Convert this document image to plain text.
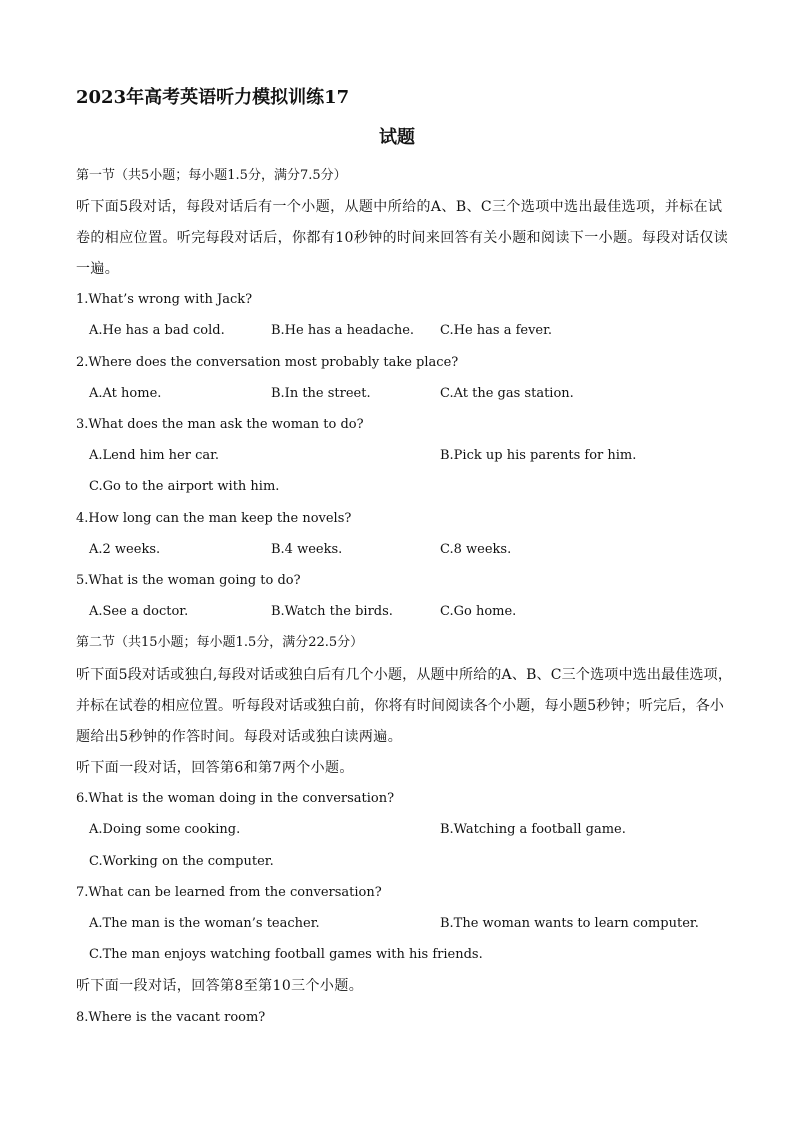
2023年高考英语听力模拟训练17
试题
第一节（共5小题；每小题1.5分，满分7.5分）
听下面5段对话，每段对话后有一个小题，从题中所给的A、B、C三个选项中选出最佳选项，并标在试
卷的相应位置。听完每段对话后，你都有10秒钟的时间来回答有关小题和阅读下一小题。每段对话仅读
一遍。
1.What’s wrong with Jack?
A.He has a bad cold.	B.He has a headache. C.He has a fever.
2.Where does the conversation most probably take place?
A.At home.	B.In the street.	C.At the gas station.
3.What does the man ask the woman to do?
A.Lend him her car.	B.Pick up his parents for him.
C.Go to the airport with him.
4.How long can the man keep the novels?
A.2 weeks.	B.4 weeks.	C.8 weeks.
5.What is the woman going to do?
A.See a doctor.	B.Watch the birds.	C.Go home.
第二节（共15小题；每小题1.5分，满分22.5分）
听下面5段对话或独白,每段对话或独白后有几个小题，从题中所给的A、B、C三个选项中选出最佳选项，
并标在试卷的相应位置。听每段对话或独白前，你将有时间阅读各个小题，每小题5秒钟；听完后，各小
题给出5秒钟的作答时间。每段对话或独白读两遍。
听下面一段对话，回答第6和第7两个小题。
6.What is the woman doing in the conversation?
A.Doing some cooking.	B.Watching a football game.
C.Working on the computer.
7.What can be learned from the conversation?
A.The man is the woman’s teacher.	B.The woman wants to learn computer.
C.The man enjoys watching football games with his friends.
听下面一段对话，回答第8至第10三个小题。
8.Where is the vacant room?
